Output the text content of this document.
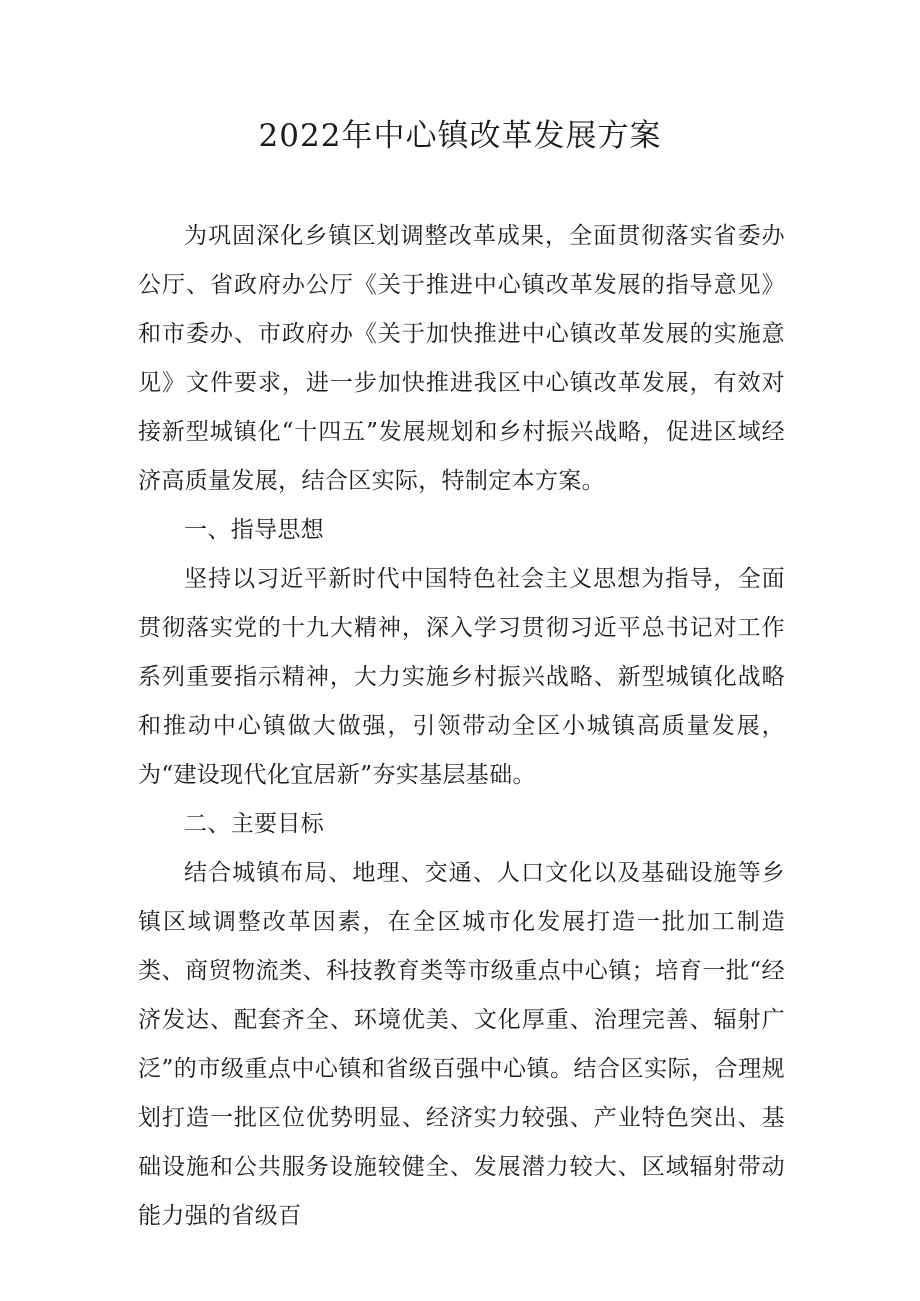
2022年中心镇改革发展方案

为巩固深化乡镇区划调整改革成果，全面贯彻落实省委办公厅、省政府办公厅《关于推进中心镇改革发展的指导意见》和市委办、市政府办《关于加快推进中心镇改革发展的实施意见》文件要求，进一步加快推进我区中心镇改革发展，有效对接新型城镇化“十四五”发展规划和乡村振兴战略，促进区域经济高质量发展，结合区实际，特制定本方案。

一、指导思想

坚持以习近平新时代中国特色社会主义思想为指导，全面贯彻落实党的十九大精神，深入学习贯彻习近平总书记对工作系列重要指示精神，大力实施乡村振兴战略、新型城镇化战略和推动中心镇做大做强，引领带动全区小城镇高质量发展，为“建设现代化宜居新”夯实基层基础。

二、主要目标

结合城镇布局、地理、交通、人口文化以及基础设施等乡镇区域调整改革因素，在全区城市化发展打造一批加工制造类、商贸物流类、科技教育类等市级重点中心镇；培育一批“经济发达、配套齐全、环境优美、文化厚重、治理完善、辐射广泛”的市级重点中心镇和省级百强中心镇。结合区实际，合理规划打造一批区位优势明显、经济实力较强、产业特色突出、基础设施和公共服务设施较健全、发展潜力较大、区域辐射带动能力强的省级百
